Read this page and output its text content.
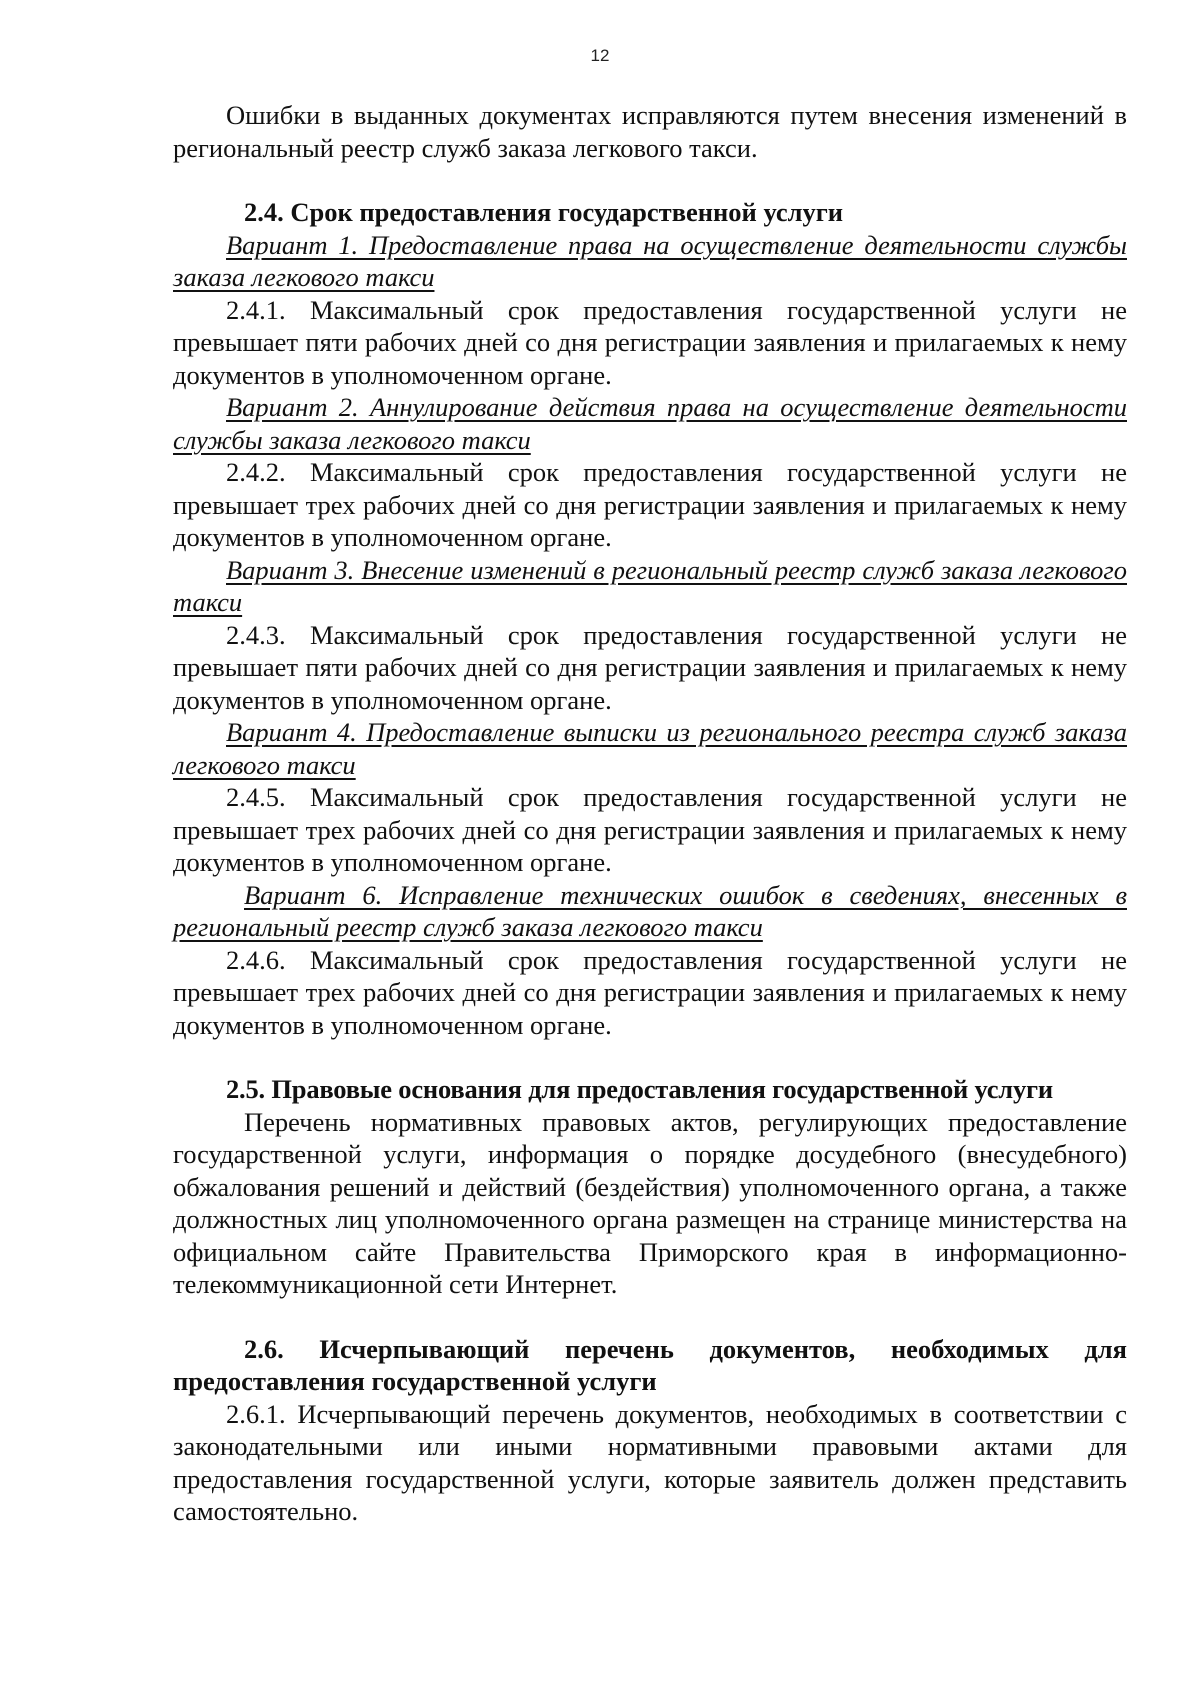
12

Ошибки в выданных документах исправляются путем внесения изменений в региональный реестр служб заказа легкового такси.

2.4. Срок предоставления государственной услуги

Вариант 1. Предоставление права на осуществление деятельности службы заказа легкового такси

2.4.1. Максимальный срок предоставления государственной услуги не превышает пяти рабочих дней со дня регистрации заявления и прилагаемых к нему документов в уполномоченном органе.

Вариант 2. Аннулирование действия права на осуществление деятельности службы заказа легкового такси

2.4.2. Максимальный срок предоставления государственной услуги не превышает трех рабочих дней со дня регистрации заявления и прилагаемых к нему документов в уполномоченном органе.

Вариант 3. Внесение изменений в региональный реестр служб заказа легкового такси

2.4.3. Максимальный срок предоставления государственной услуги не превышает пяти рабочих дней со дня регистрации заявления и прилагаемых к нему документов в уполномоченном органе.

Вариант 4. Предоставление выписки из регионального реестра служб заказа легкового такси

2.4.5. Максимальный срок предоставления государственной услуги не превышает трех рабочих дней со дня регистрации заявления и прилагаемых к нему документов в уполномоченном органе.

Вариант 6. Исправление технических ошибок в сведениях, внесенных в региональный реестр служб заказа легкового такси

2.4.6. Максимальный срок предоставления государственной услуги не превышает трех рабочих дней со дня регистрации заявления и прилагаемых к нему документов в уполномоченном органе.

2.5. Правовые основания для предоставления государственной услуги

Перечень нормативных правовых актов, регулирующих предоставление государственной услуги, информация о порядке досудебного (внесудебного) обжалования решений и действий (бездействия) уполномоченного органа, а также должностных лиц уполномоченного органа размещен на странице министерства на официальном сайте Правительства Приморского края в информационно-телекоммуникационной сети Интернет.

2.6. Исчерпывающий перечень документов, необходимых для предоставления государственной услуги

2.6.1. Исчерпывающий перечень документов, необходимых в соответствии с законодательными или иными нормативными правовыми актами для предоставления государственной услуги, которые заявитель должен представить самостоятельно.
